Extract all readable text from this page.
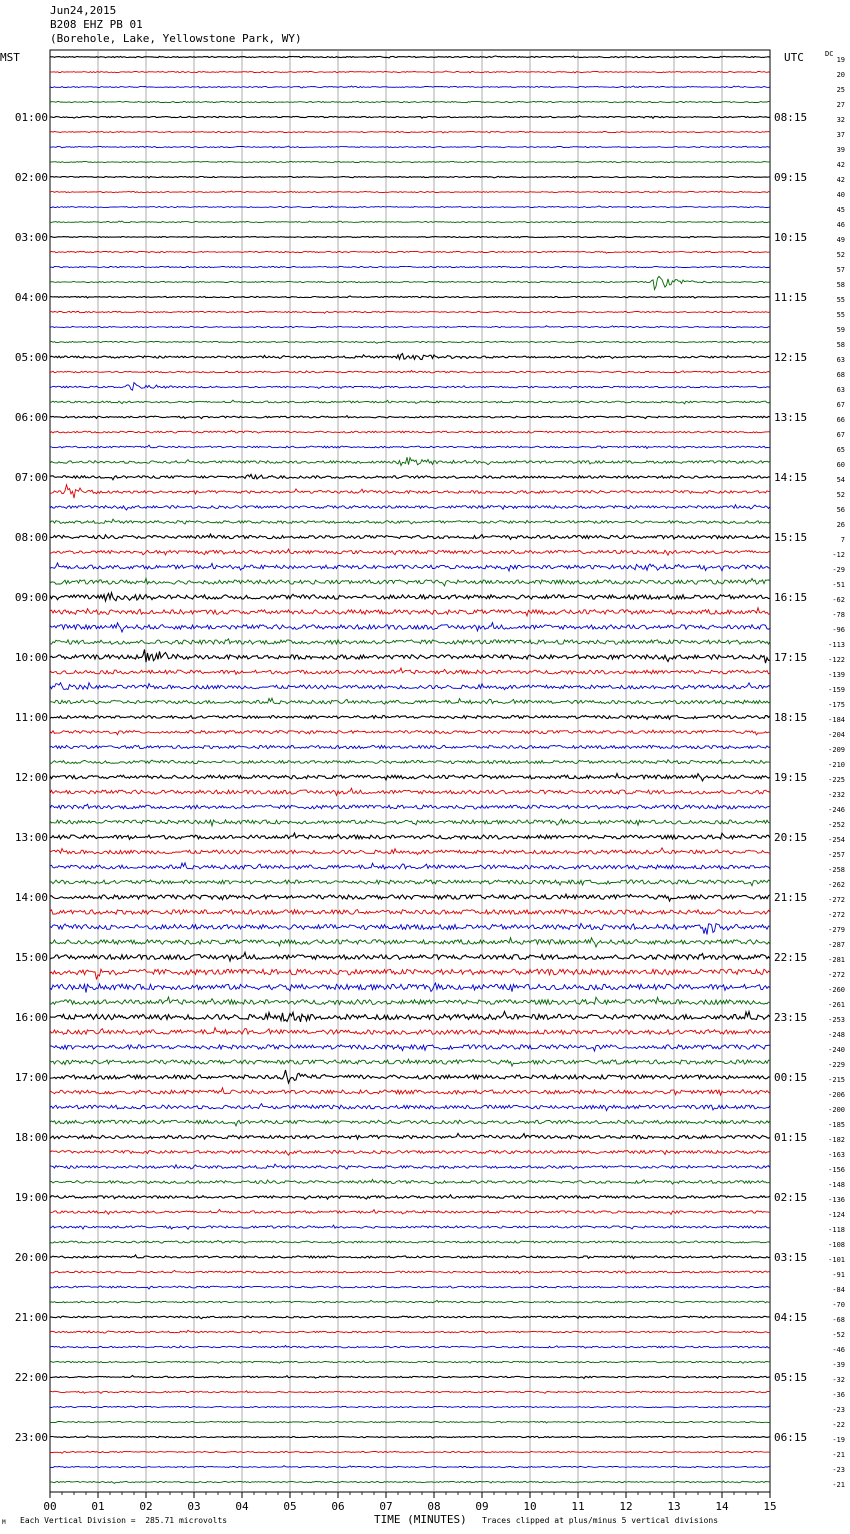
Jun24,2015
B208 EHZ PB 01
(Borehole, Lake, Yellowstone Park, WY)
MST
01:00
02:00
03:00
04:00
05:00
06:00
07:00
08:00
09:00
10:00
11:00
12:00
13:00
14:00
15:00
16:00
17:00
18:00
19:00
20:00
21:00
22:00
23:00
UTC
08:15
09:15
10:15
11:15
12:15
13:15
14:15
15:15
16:15
17:15
18:15
19:15
20:15
21:15
22:15
23:15
00:15
01:15
02:15
03:15
04:15
05:15
06:15
DC
19
20
25
27
32
37
39
42
42
40
45
46
49
52
57
58
55
55
59
58
63
68
63
67
66
67
65
60
54
52
56
26
7
-12
-29
-51
-62
-78
-96
-113
-122
-139
-159
-175
-184
-204
-209
-210
-225
-232
-246
-252
-254
-257
-258
-262
-272
-272
-279
-287
-281
-272
-260
-261
-253
-248
-240
-229
-215
-206
-200
-185
-182
-163
-156
-148
-136
-124
-118
-108
-101
-91
-84
-70
-68
-52
-46
-39
-32
-36
-23
-22
-19
-21
-23
-21
00	01	02	03	04	05	06	07	08	09	10	11	12	13	14	15
M Each Vertical Division =  285.71 microvolts	TIME (MINUTES) Traces clipped at plus/minus 5 vertical divisions
